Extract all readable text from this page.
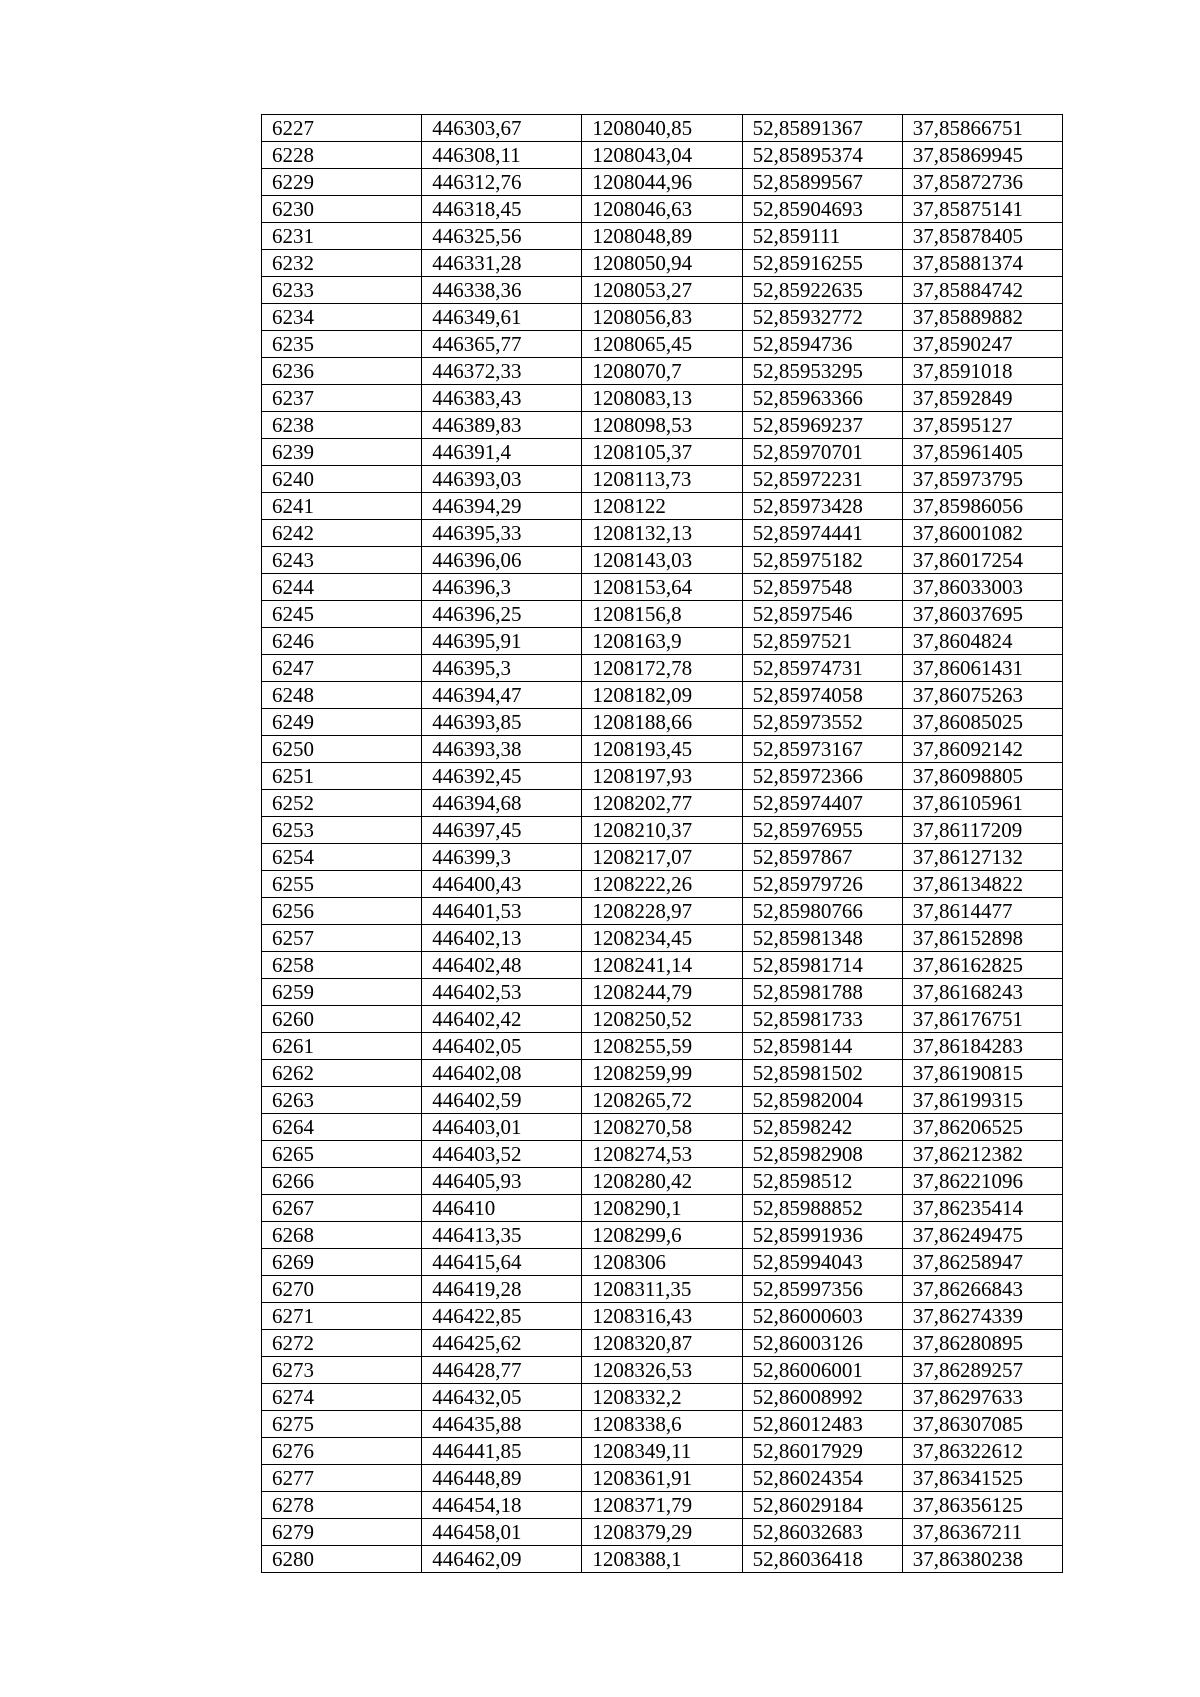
6227	446303,67	1208040,85	52,85891367	37,85866751
6228	446308,11	1208043,04	52,85895374	37,85869945
6229	446312,76	1208044,96	52,85899567	37,85872736
6230	446318,45	1208046,63	52,85904693	37,85875141
6231	446325,56	1208048,89	52,859111	37,85878405
6232	446331,28	1208050,94	52,85916255	37,85881374
6233	446338,36	1208053,27	52,85922635	37,85884742
6234	446349,61	1208056,83	52,85932772	37,85889882
6235	446365,77	1208065,45	52,8594736	37,8590247
6236	446372,33	1208070,7	52,85953295	37,8591018
6237	446383,43	1208083,13	52,85963366	37,8592849
6238	446389,83	1208098,53	52,85969237	37,8595127
6239	446391,4	1208105,37	52,85970701	37,85961405
6240	446393,03	1208113,73	52,85972231	37,85973795
6241	446394,29	1208122	52,85973428	37,85986056
6242	446395,33	1208132,13	52,85974441	37,86001082
6243	446396,06	1208143,03	52,85975182	37,86017254
6244	446396,3	1208153,64	52,8597548	37,86033003
6245	446396,25	1208156,8	52,8597546	37,86037695
6246	446395,91	1208163,9	52,8597521	37,8604824
6247	446395,3	1208172,78	52,85974731	37,86061431
6248	446394,47	1208182,09	52,85974058	37,86075263
6249	446393,85	1208188,66	52,85973552	37,86085025
6250	446393,38	1208193,45	52,85973167	37,86092142
6251	446392,45	1208197,93	52,85972366	37,86098805
6252	446394,68	1208202,77	52,85974407	37,86105961
6253	446397,45	1208210,37	52,85976955	37,86117209
6254	446399,3	1208217,07	52,8597867	37,86127132
6255	446400,43	1208222,26	52,85979726	37,86134822
6256	446401,53	1208228,97	52,85980766	37,8614477
6257	446402,13	1208234,45	52,85981348	37,86152898
6258	446402,48	1208241,14	52,85981714	37,86162825
6259	446402,53	1208244,79	52,85981788	37,86168243
6260	446402,42	1208250,52	52,85981733	37,86176751
6261	446402,05	1208255,59	52,8598144	37,86184283
6262	446402,08	1208259,99	52,85981502	37,86190815
6263	446402,59	1208265,72	52,85982004	37,86199315
6264	446403,01	1208270,58	52,8598242	37,86206525
6265	446403,52	1208274,53	52,85982908	37,86212382
6266	446405,93	1208280,42	52,8598512	37,86221096
6267	446410	1208290,1	52,85988852	37,86235414
6268	446413,35	1208299,6	52,85991936	37,86249475
6269	446415,64	1208306	52,85994043	37,86258947
6270	446419,28	1208311,35	52,85997356	37,86266843
6271	446422,85	1208316,43	52,86000603	37,86274339
6272	446425,62	1208320,87	52,86003126	37,86280895
6273	446428,77	1208326,53	52,86006001	37,86289257
6274	446432,05	1208332,2	52,86008992	37,86297633
6275	446435,88	1208338,6	52,86012483	37,86307085
6276	446441,85	1208349,11	52,86017929	37,86322612
6277	446448,89	1208361,91	52,86024354	37,86341525
6278	446454,18	1208371,79	52,86029184	37,86356125
6279	446458,01	1208379,29	52,86032683	37,86367211
6280	446462,09	1208388,1	52,86036418	37,86380238
